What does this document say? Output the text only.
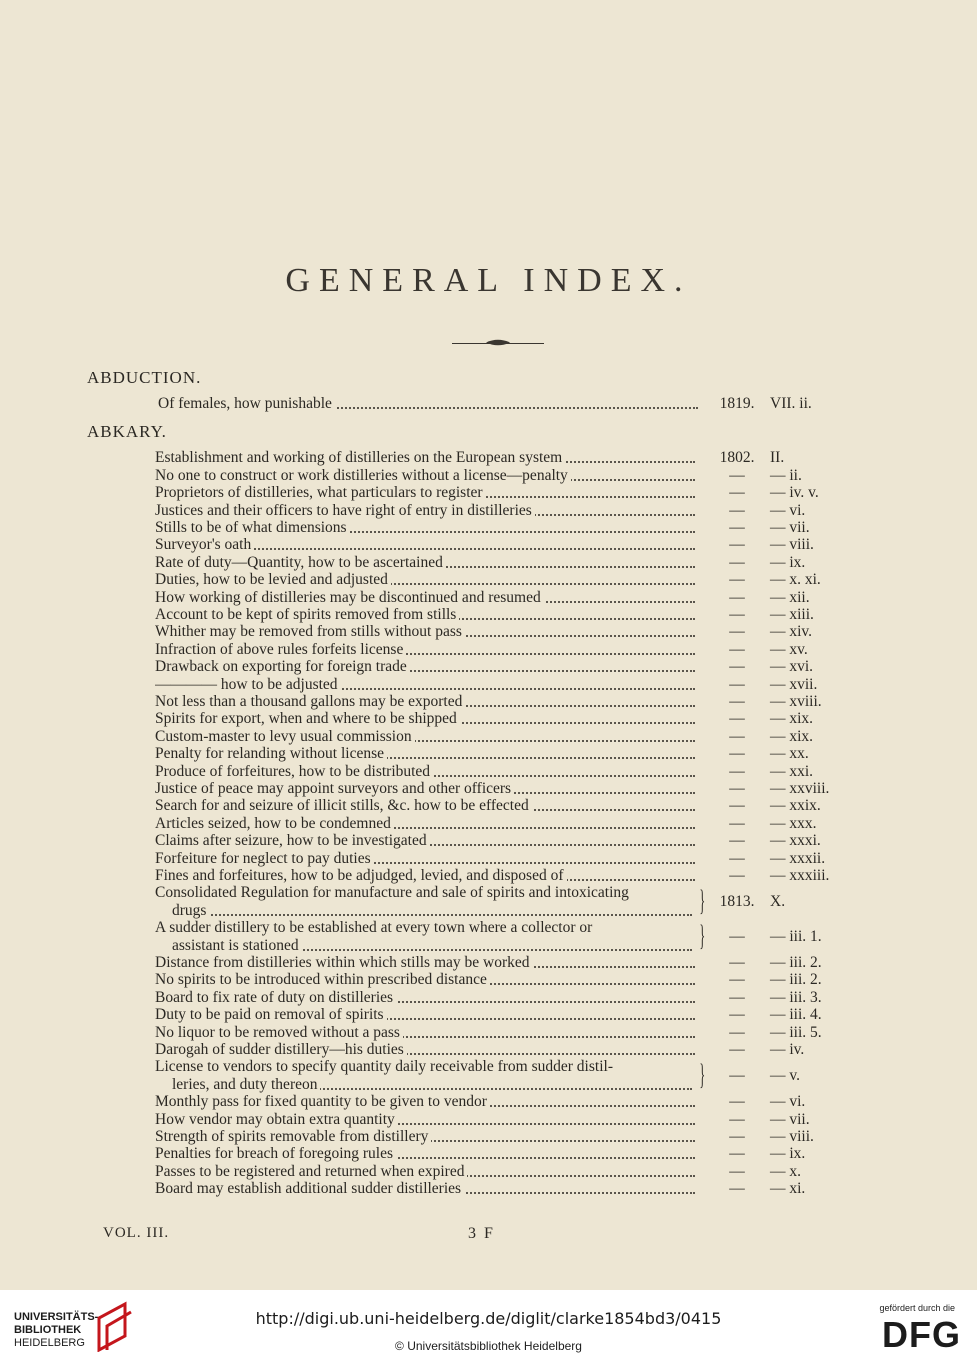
GENERAL INDEX.
VOL. III.	3 F
ABDUCTION.
Of females, how punishable	1819.	VII. ii.
ABKARY.
Establishment and working of distilleries on the European system	1802.	II.
No one to construct or work distilleries without a license—penalty	—	— ii.
Proprietors of distilleries, what particulars to register	—	— iv. v.
Justices and their officers to have right of entry in distilleries	—	— vi.
Stills to be of what dimensions	—	— vii.
Surveyor's oath	—	— viii.
Rate of duty—Quantity, how to be ascertained	—	— ix.
Duties, how to be levied and adjusted	—	— x. xi.
How working of distilleries may be discontinued and resumed	—	— xii.
Account to be kept of spirits removed from stills	—	— xiii.
Whither may be removed from stills without pass	—	— xiv.
Infraction of above rules forfeits license	—	— xv.
Drawback on exporting for foreign trade	—	— xvi.
———— how to be adjusted	—	— xvii.
Not less than a thousand gallons may be exported	—	— xviii.
Spirits for export, when and where to be shipped	—	— xix.
Custom-master to levy usual commission	—	— xix.
Penalty for relanding without license	—	— xx.
Produce of forfeitures, how to be distributed	—	— xxi.
Justice of peace may appoint surveyors and other officers	—	— xxviii.
Search for and seizure of illicit stills, &c. how to be effected	—	— xxix.
Articles seized, how to be condemned	—	— xxx.
Claims after seizure, how to be investigated	—	— xxxi.
Forfeiture for neglect to pay duties	—	— xxxii.
Fines and forfeitures, how to be adjudged, levied, and disposed of	—	— xxxiii.
Consolidated Regulation for manufacture and sale of spirits and intoxicating
drugs	} 1813.	X.
A sudder distillery to be established at every town where a collector or
assistant is stationed	}	—	— iii. 1.
Distance from distilleries within which stills may be worked	—	— iii. 2.
No spirits to be introduced within prescribed distance	—	— iii. 2.
Board to fix rate of duty on distilleries	—	— iii. 3.
Duty to be paid on removal of spirits	—	— iii. 4.
No liquor to be removed without a pass	—	— iii. 5.
Darogah of sudder distillery—his duties	—	— iv.
License to vendors to specify quantity daily receivable from sudder distil-
leries, and duty thereon	}	—	— v.
Monthly pass for fixed quantity to be given to vendor	—	— vi.
How vendor may obtain extra quantity	—	— vii.
Strength of spirits removable from distillery	—	— viii.
Penalties for breach of foregoing rules	—	— ix.
Passes to be registered and returned when expired	—	— x.
Board may establish additional sudder distilleries	—	— xi.
UNIVERSITÄTS-
BIBLIOTHEK
HEIDELBERG
http://digi.ub.uni-heidelberg.de/diglit/clarke1854bd3/0415
© Universitätsbibliothek Heidelberg
gefördert durch die
DFG
